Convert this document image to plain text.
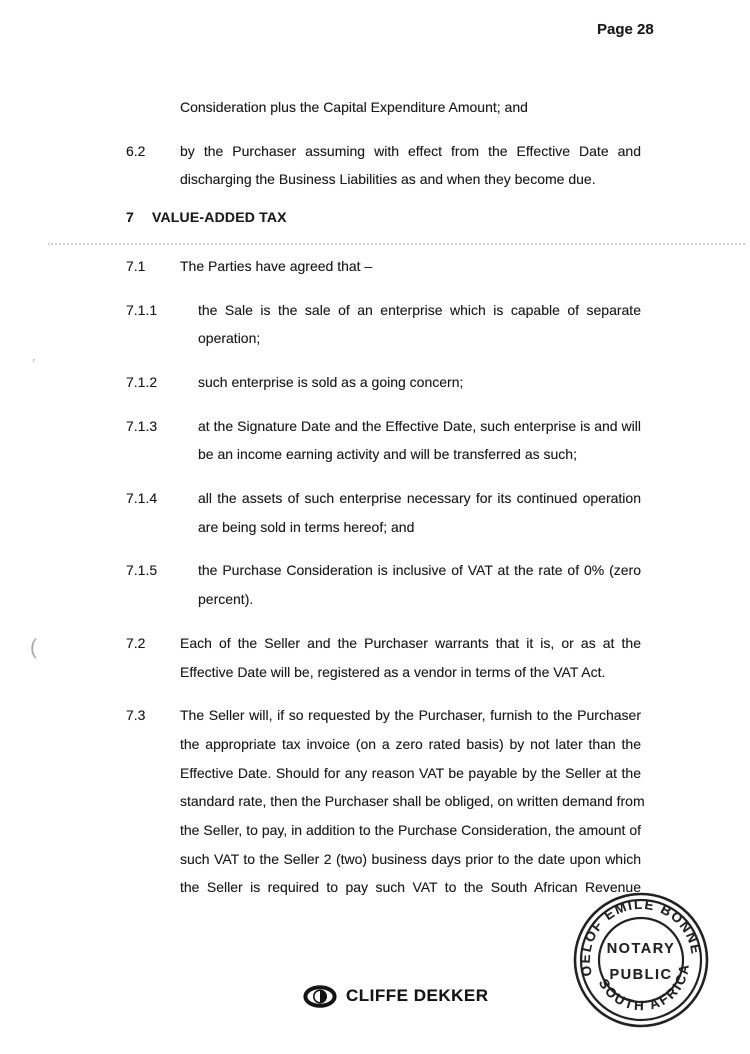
Page 28
’
(
Consideration plus the Capital Expenditure Amount; and
6.2 by the Purchaser assuming with effect from the Effective Date and
discharging the Business Liabilities as and when they become due.
7 VALUE-ADDED TAX
7.1 The Parties have agreed that –
7.1.1	the Sale is the sale of an enterprise which is capable of separate
operation;
7.1.2	such enterprise is sold as a going concern;
7.1.3	at the Signature Date and the Effective Date, such enterprise is and will
be an income earning activity and will be transferred as such;
7.1.4	all the assets of such enterprise necessary for its continued operation
are being sold in terms hereof; and
7.1.5	the Purchase Consideration is inclusive of VAT at the rate of 0% (zero
percent).
7.2 Each of the Seller and the Purchaser warrants that it is, or as at the
Effective Date will be, registered as a vendor in terms of the VAT Act.
7.3 The Seller will, if so requested by the Purchaser, furnish to the Purchaser
the appropriate tax invoice (on a zero rated basis) by not later than the
Effective Date. Should for any reason VAT be payable by the Seller at the
standard rate, then the Purchaser shall be obliged, on written demand from
the Seller, to pay, in addition to the Purchase Consideration, the amount of
such VAT to the Seller 2 (two) business days prior to the date upon which
the Seller is required to pay such VAT to the South African Revenue
ROELOF EMILE BONNET
SOUTH AFRICA
NOTARY
PUBLIC
CLIFFE DEKKER
